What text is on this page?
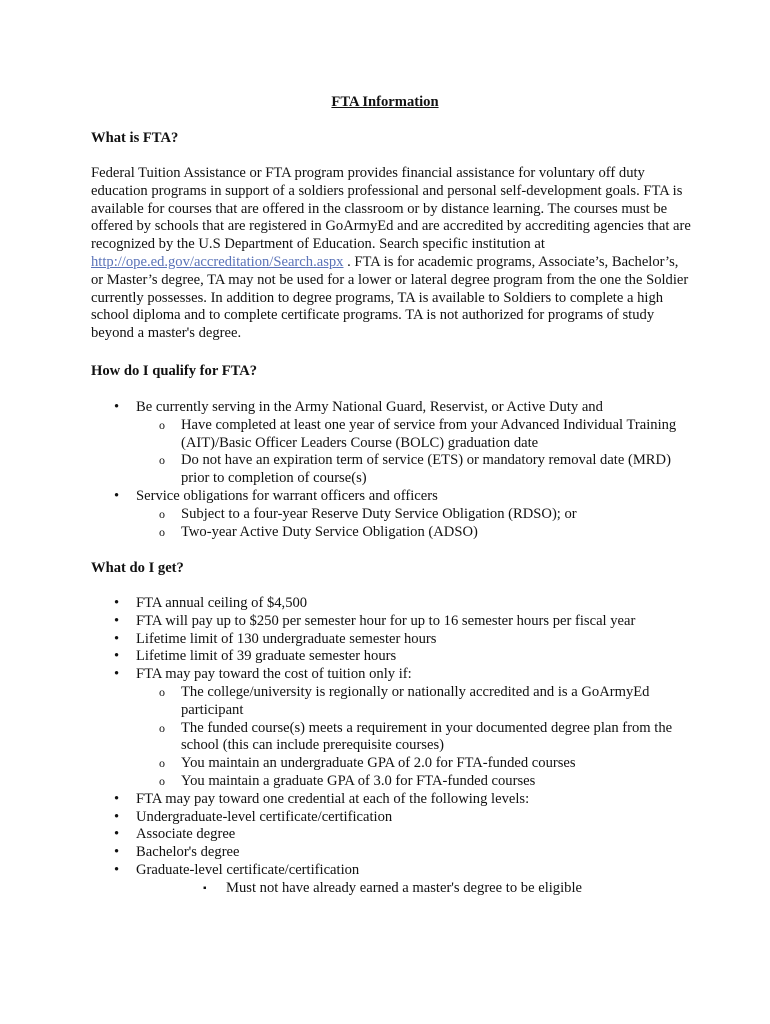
FTA Information
What is FTA?

Federal Tuition Assistance or FTA program provides financial assistance for voluntary off duty education programs in support of a soldiers professional and personal self-development goals. FTA is available for courses that are offered in the classroom or by distance learning. The courses must be offered by schools that are registered in GoArmyEd and are accredited by accrediting agencies that are recognized by the U.S Department of Education. Search specific institution at http://ope.ed.gov/accreditation/Search.aspx . FTA is for academic programs, Associate’s, Bachelor’s, or Master’s degree, TA may not be used for a lower or lateral degree program from the one the Soldier currently possesses. In addition to degree programs, TA is available to Soldiers to complete a high school diploma and to complete certificate programs. TA is not authorized for programs of study beyond a master's degree.

How do I qualify for FTA?
• Be currently serving in the Army National Guard, Reservist, or Active Duty and
o Have completed at least one year of service from your Advanced Individual Training (AIT)/Basic Officer Leaders Course (BOLC) graduation date
o Do not have an expiration term of service (ETS) or mandatory removal date (MRD) prior to completion of course(s)
• Service obligations for warrant officers and officers
o Subject to a four-year Reserve Duty Service Obligation (RDSO); or
o Two-year Active Duty Service Obligation (ADSO)
What do I get?
• FTA annual ceiling of $4,500
• FTA will pay up to $250 per semester hour for up to 16 semester hours per fiscal year
• Lifetime limit of 130 undergraduate semester hours
• Lifetime limit of 39 graduate semester hours
• FTA may pay toward the cost of tuition only if:
o The college/university is regionally or nationally accredited and is a GoArmyEd participant
o The funded course(s) meets a requirement in your documented degree plan from the school (this can include prerequisite courses)
o You maintain an undergraduate GPA of 2.0 for FTA-funded courses
o You maintain a graduate GPA of 3.0 for FTA-funded courses
• FTA may pay toward one credential at each of the following levels:
• Undergraduate-level certificate/certification
• Associate degree
• Bachelor's degree
• Graduate-level certificate/certification
▪ Must not have already earned a master's degree to be eligible
